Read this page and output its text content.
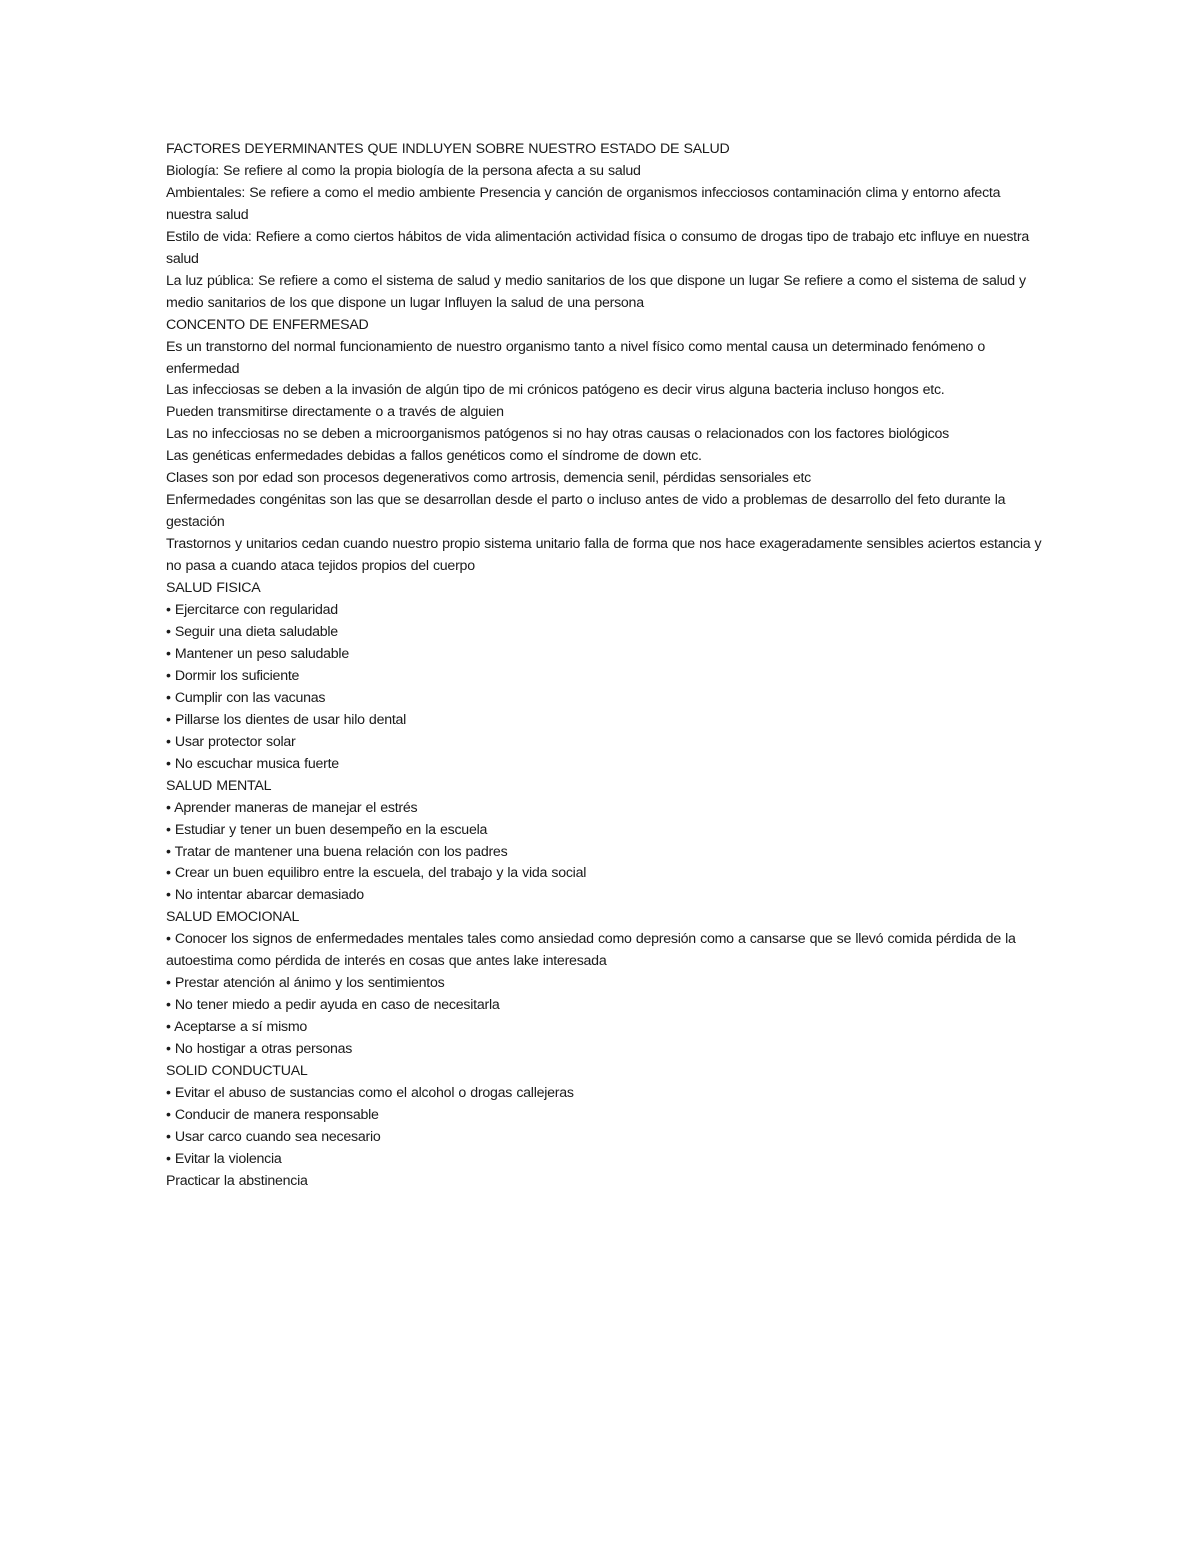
FACTORES DEYERMINANTES QUE INDLUYEN SOBRE NUESTRO ESTADO DE SALUD
Biología: Se refiere al como la propia biología de la persona afecta a su salud
Ambientales: Se refiere a como el medio ambiente Presencia y canción de organismos infecciosos contaminación clima y entorno afecta nuestra salud
Estilo de vida: Refiere a como ciertos hábitos de vida alimentación actividad física o consumo de drogas tipo de trabajo etc influye en nuestra salud
La luz pública: Se refiere a como el sistema de salud y medio sanitarios de los que dispone un lugar Se refiere a como el sistema de salud y medio sanitarios de los que dispone un lugar Influyen la salud de una persona
CONCENTO DE ENFERMESAD
Es un transtorno del normal funcionamiento de nuestro organismo tanto a nivel físico como mental causa un determinado fenómeno o enfermedad
Las infecciosas se deben a la invasión de algún tipo de mi crónicos patógeno es decir virus alguna bacteria incluso hongos etc.
Pueden transmitirse directamente o a través de alguien
Las no infecciosas no se deben a microorganismos patógenos si no hay otras causas o relacionados con los factores biológicos
Las genéticas enfermedades debidas a fallos genéticos como el síndrome de down etc.
Clases son por edad son procesos degenerativos como artrosis, demencia senil, pérdidas sensoriales etc
Enfermedades congénitas son las que se desarrollan desde el parto o incluso antes de vido a problemas de desarrollo del feto durante la gestación
Trastornos y unitarios cedan cuando nuestro propio sistema unitario falla de forma que nos hace exageradamente sensibles aciertos estancia y no pasa a cuando ataca tejidos propios del cuerpo
SALUD FISICA
• Ejercitarce con regularidad
• Seguir una dieta saludable
• Mantener un peso saludable
• Dormir los suficiente
• Cumplir con las vacunas
• Pillarse los dientes de usar hilo dental
• Usar protector solar
• No escuchar musica fuerte
SALUD MENTAL
• Aprender maneras de manejar el estrés
• Estudiar y tener un buen desempeño en la escuela
• Tratar de mantener una buena relación con los padres
• Crear un buen equilibro entre la escuela, del trabajo y la vida social
• No intentar abarcar demasiado
SALUD EMOCIONAL
• Conocer los signos de enfermedades mentales tales como ansiedad como depresión como a cansarse que se llevó comida pérdida de la autoestima como pérdida de interés en cosas que antes lake interesada
• Prestar atención al ánimo y los sentimientos
• No tener miedo a pedir ayuda en caso de necesitarla
• Aceptarse a sí mismo
• No hostigar a otras personas
SOLID CONDUCTUAL
• Evitar el abuso de sustancias como el alcohol o drogas callejeras
• Conducir de manera responsable
• Usar carco cuando sea necesario
• Evitar la violencia
Practicar la abstinencia
